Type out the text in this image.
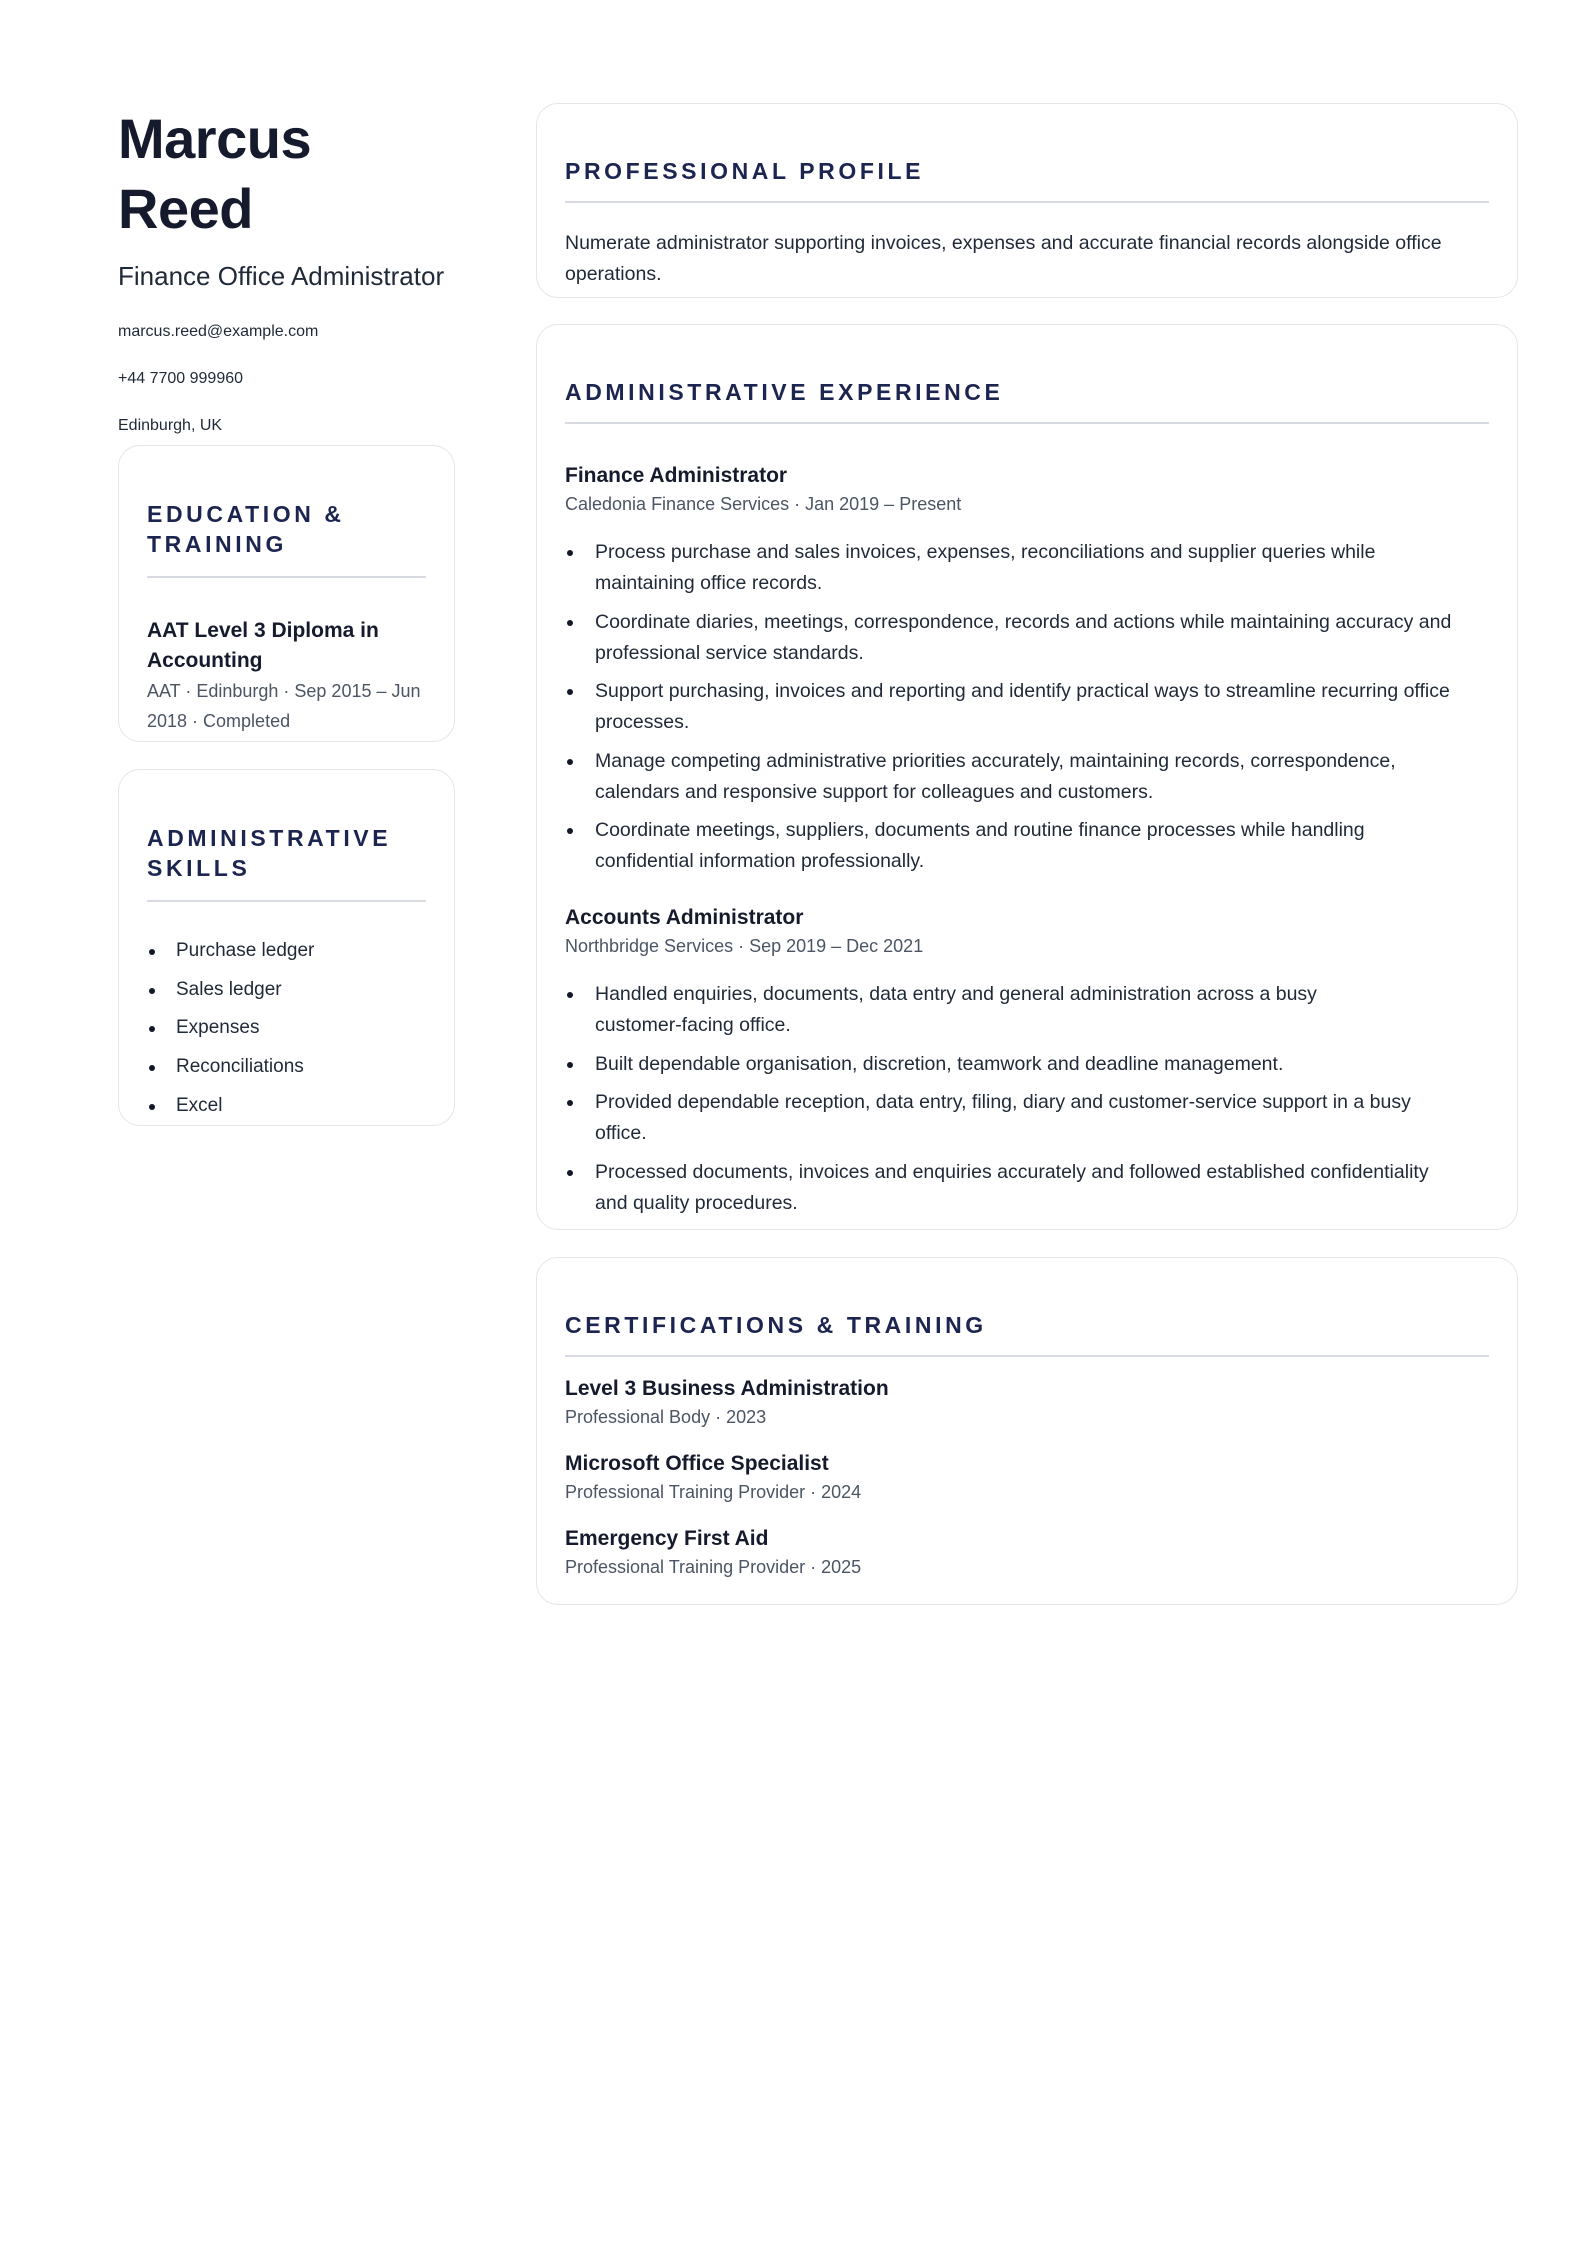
Marcus Reed
Finance Office Administrator
marcus.reed@example.com
+44 7700 999960
Edinburgh, UK
EDUCATION &
TRAINING
AAT Level 3 Diploma in
Accounting
AAT · Edinburgh · Sep 2015 – Jun
2018 · Completed
ADMINISTRATIVE
SKILLS
Purchase ledger
Sales ledger
Expenses
Reconciliations
Excel
PROFESSIONAL PROFILE
Numerate administrator supporting invoices, expenses and accurate financial records alongside office
operations.
ADMINISTRATIVE EXPERIENCE
Finance Administrator
Caledonia Finance Services · Jan 2019 – Present
Process purchase and sales invoices, expenses, reconciliations and supplier queries while
maintaining office records.
Coordinate diaries, meetings, correspondence, records and actions while maintaining accuracy and
professional service standards.
Support purchasing, invoices and reporting and identify practical ways to streamline recurring office
processes.
Manage competing administrative priorities accurately, maintaining records, correspondence,
calendars and responsive support for colleagues and customers.
Coordinate meetings, suppliers, documents and routine finance processes while handling
confidential information professionally.
Accounts Administrator
Northbridge Services · Sep 2019 – Dec 2021
Handled enquiries, documents, data entry and general administration across a busy
customer-facing office.
Built dependable organisation, discretion, teamwork and deadline management.
Provided dependable reception, data entry, filing, diary and customer-service support in a busy
office.
Processed documents, invoices and enquiries accurately and followed established confidentiality
and quality procedures.
CERTIFICATIONS & TRAINING
Level 3 Business Administration
Professional Body · 2023
Microsoft Office Specialist
Professional Training Provider · 2024
Emergency First Aid
Professional Training Provider · 2025
